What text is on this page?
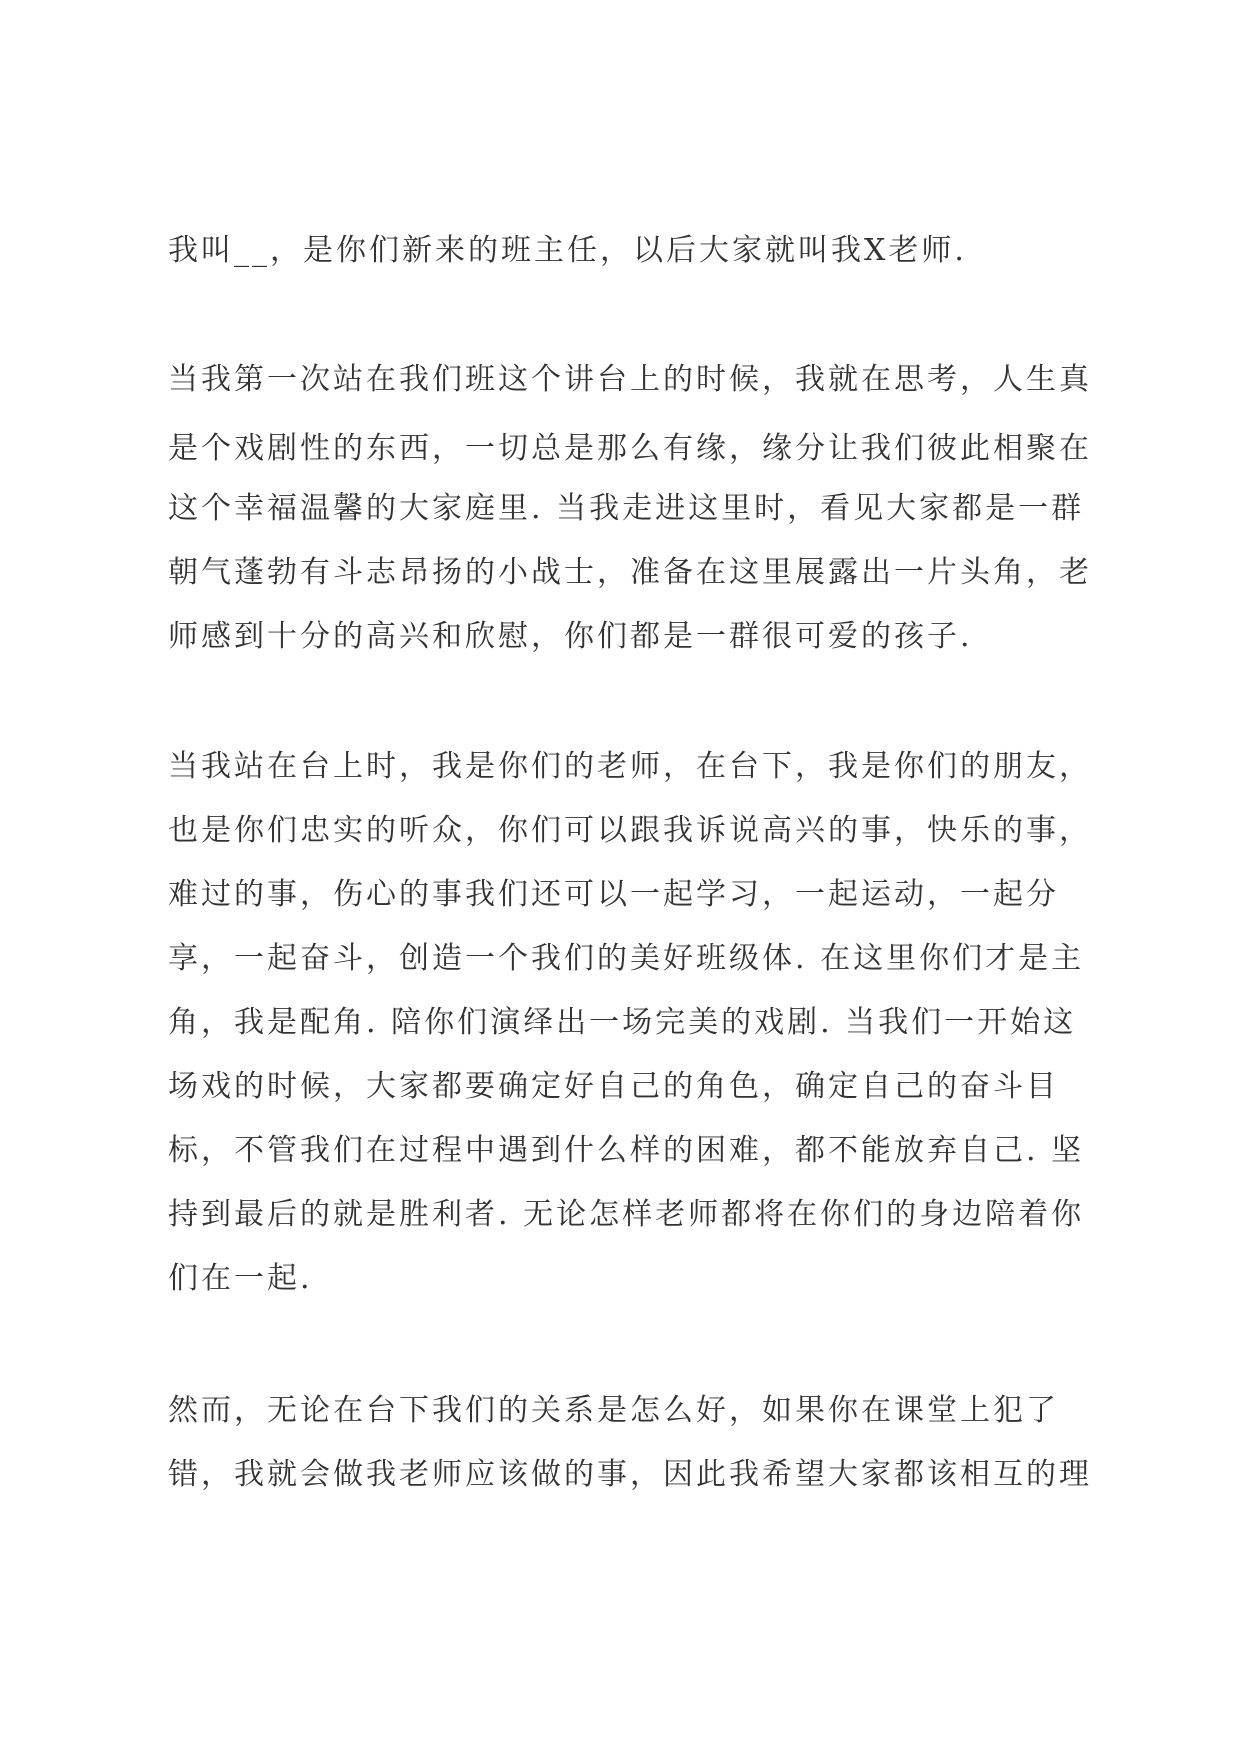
我叫__，是你们新来的班主任，以后大家就叫我X老师.

当我第一次站在我们班这个讲台上的时候，我就在思考，人生真

是个戏剧性的东西，一切总是那么有缘，缘分让我们彼此相聚在

这个幸福温馨的大家庭里. 当我走进这里时，看见大家都是一群

朝气蓬勃有斗志昂扬的小战士，准备在这里展露出一片头角，老

师感到十分的高兴和欣慰，你们都是一群很可爱的孩子.

当我站在台上时，我是你们的老师，在台下，我是你们的朋友，

也是你们忠实的听众，你们可以跟我诉说高兴的事，快乐的事，

难过的事，伤心的事我们还可以一起学习，一起运动，一起分

享，一起奋斗，创造一个我们的美好班级体. 在这里你们才是主

角，我是配角. 陪你们演绎出一场完美的戏剧. 当我们一开始这

场戏的时候，大家都要确定好自己的角色，确定自己的奋斗目

标，不管我们在过程中遇到什么样的困难，都不能放弃自己. 坚

持到最后的就是胜利者. 无论怎样老师都将在你们的身边陪着你

们在一起.

然而，无论在台下我们的关系是怎么好，如果你在课堂上犯了

错，我就会做我老师应该做的事，因此我希望大家都该相互的理
